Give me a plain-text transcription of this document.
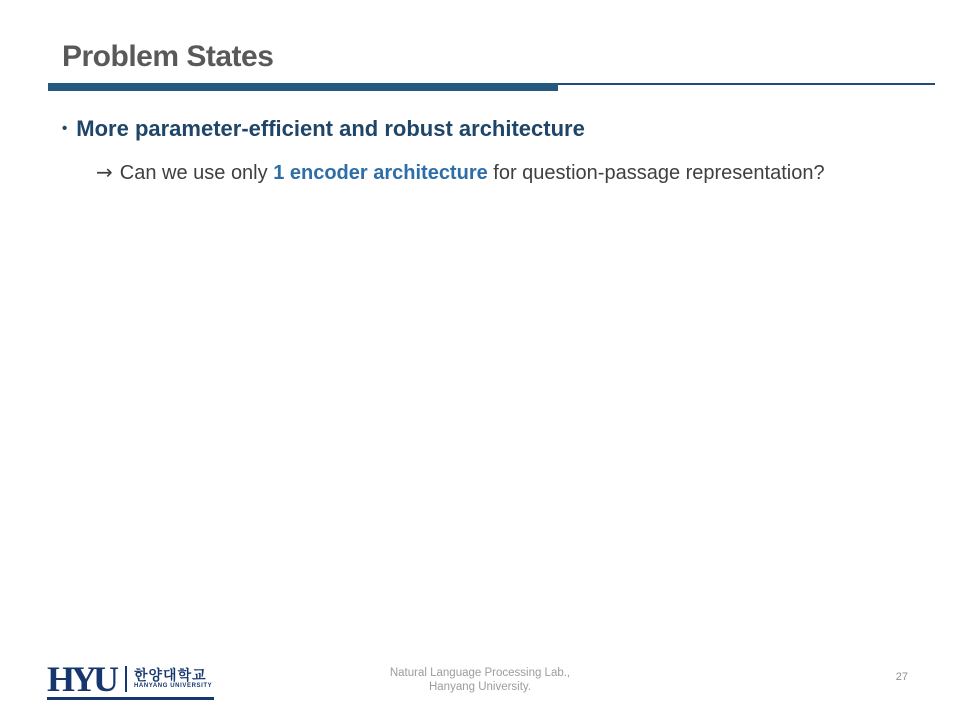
Problem States
• More parameter-efficient and robust architecture
→ Can we use only 1 encoder architecture for question-passage representation?
HYU 한양대학교
HANYANG UNIVERSITY
Natural Language Processing Lab.,
Hanyang University.
27
